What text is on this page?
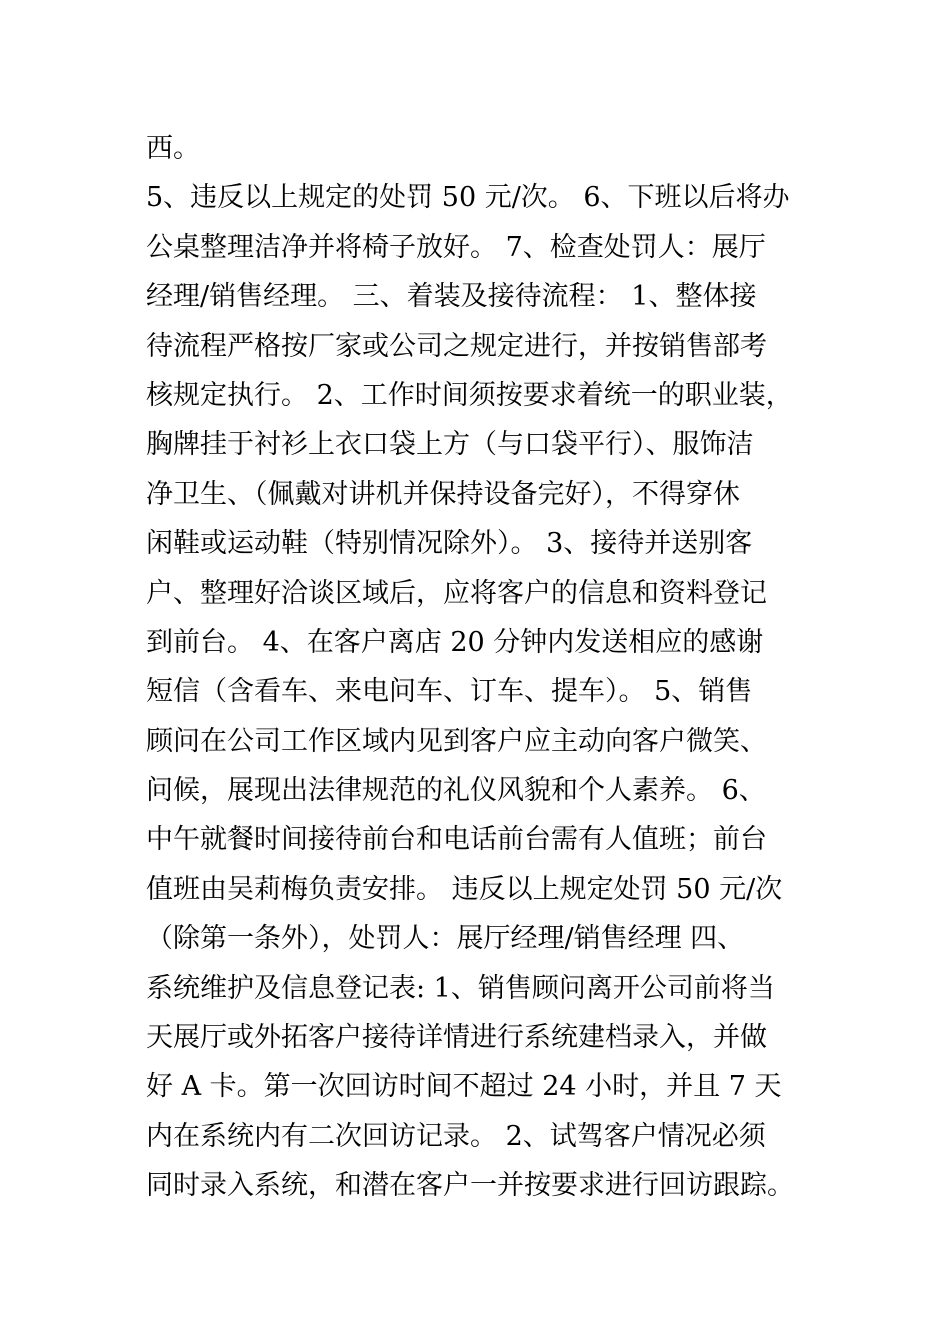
西。
5、违反以上规定的处罚 50 元/次。 6、下班以后将办
公桌整理洁净并将椅子放好。 7、检查处罚人：展厅
经理/销售经理。 三、着装及接待流程： 1、整体接
待流程严格按厂家或公司之规定进行，并按销售部考
核规定执行。 2、工作时间须按要求着统一的职业装，
胸牌挂于衬衫上衣口袋上方（与口袋平行）、服饰洁
净卫生、（佩戴对讲机并保持设备完好），不得穿休
闲鞋或运动鞋（特别情况除外）。 3、接待并送别客
户、整理好洽谈区域后，应将客户的信息和资料登记
到前台。 4、在客户离店 20 分钟内发送相应的感谢
短信（含看车、来电问车、订车、提车）。 5、销售
顾问在公司工作区域内见到客户应主动向客户微笑、
问候，展现出法律规范的礼仪风貌和个人素养。 6、
中午就餐时间接待前台和电话前台需有人值班；前台
值班由吴莉梅负责安排。 违反以上规定处罚 50 元/次
（除第一条外），处罚人：展厅经理/销售经理 四、
系统维护及信息登记表: 1、销售顾问离开公司前将当
天展厅或外拓客户接待详情进行系统建档录入，并做
好 A 卡。第一次回访时间不超过 24 小时，并且 7 天
内在系统内有二次回访记录。 2、试驾客户情况必须
同时录入系统，和潜在客户一并按要求进行回访跟踪。
